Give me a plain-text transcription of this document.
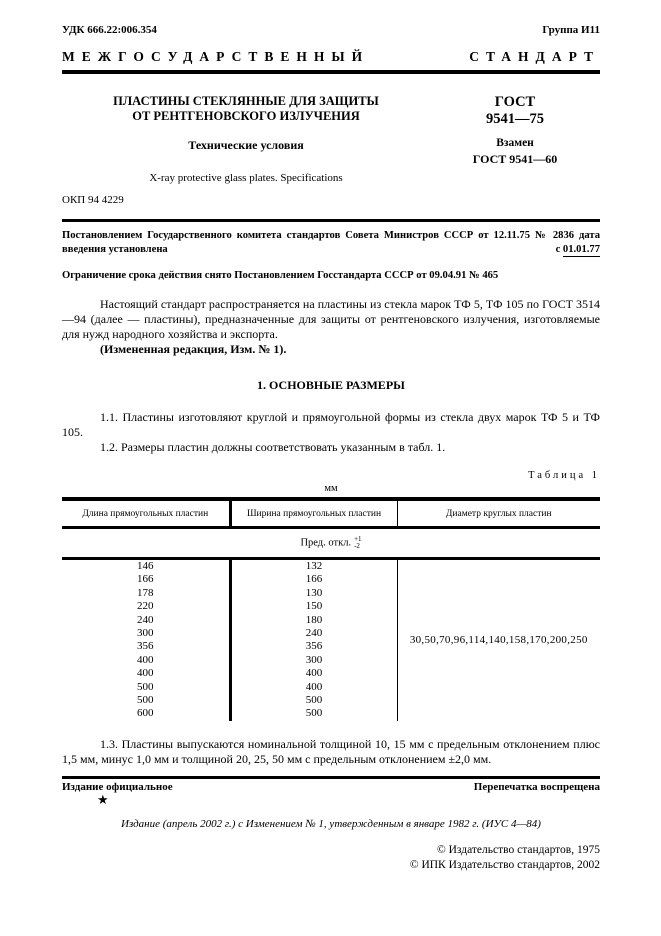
УДК 666.22:006.354	Группа И11
МЕЖГОСУДАРСТВЕННЫЙ	СТАНДАРТ
ПЛАСТИНЫ СТЕКЛЯННЫЕ ДЛЯ ЗАЩИТЫ
ОТ РЕНТГЕНОВСКОГО ИЗЛУЧЕНИЯ
Технические условия
X-ray protective glass plates. Specifications
ГОСТ
9541—75
Взамен
ГОСТ 9541—60
ОКП 94 4229
Постановлением Государственного комитета стандартов Совета Министров СССР от 12.11.75 № 2836 дата
введения установлена	с 01.01.77
Ограничение срока действия снято Постановлением Госстандарта СССР от 09.04.91 № 465
Настоящий стандарт распространяется на пластины из стекла марок ТФ 5, ТФ 105 по ГОСТ 3514—94 (далее — пластины), предназначенные для защиты от рентгеновского излучения, изготовляемые для нужд народного хозяйства и экспорта.
(Измененная редакция, Изм. № 1).
1. ОСНОВНЫЕ РАЗМЕРЫ
1.1. Пластины изготовляют круглой и прямоугольной формы из стекла двух марок ТФ 5 и ТФ 105.
1.2. Размеры пластин должны соответствовать указанным в табл. 1.
Таблица 1
мм
Длина прямоугольных пластин	Ширина прямоугольных пластин	Диаметр круглых пластин
Пред. откл. +1
-2		

146	132	30,50,70,96,114,140,158,170,200,250
166	166	
178	130	
220	150	
240	180	
300	240	
356	356	
400	300	
400	400	
500	400	
500	500	
600	500	
1.3. Пластины выпускаются номинальной толщиной 10, 15 мм с предельным отклонением плюс 1,5 мм, минус 1,0 мм и толщиной 20, 25, 50 мм с предельным отклонением ±2,0 мм.
Издание официальное	Перепечатка воспрещена
★
Издание (апрель 2002 г.) с Изменением № 1, утвержденным в январе 1982 г. (ИУС 4—84)
© Издательство стандартов, 1975
© ИПК Издательство стандартов, 2002
